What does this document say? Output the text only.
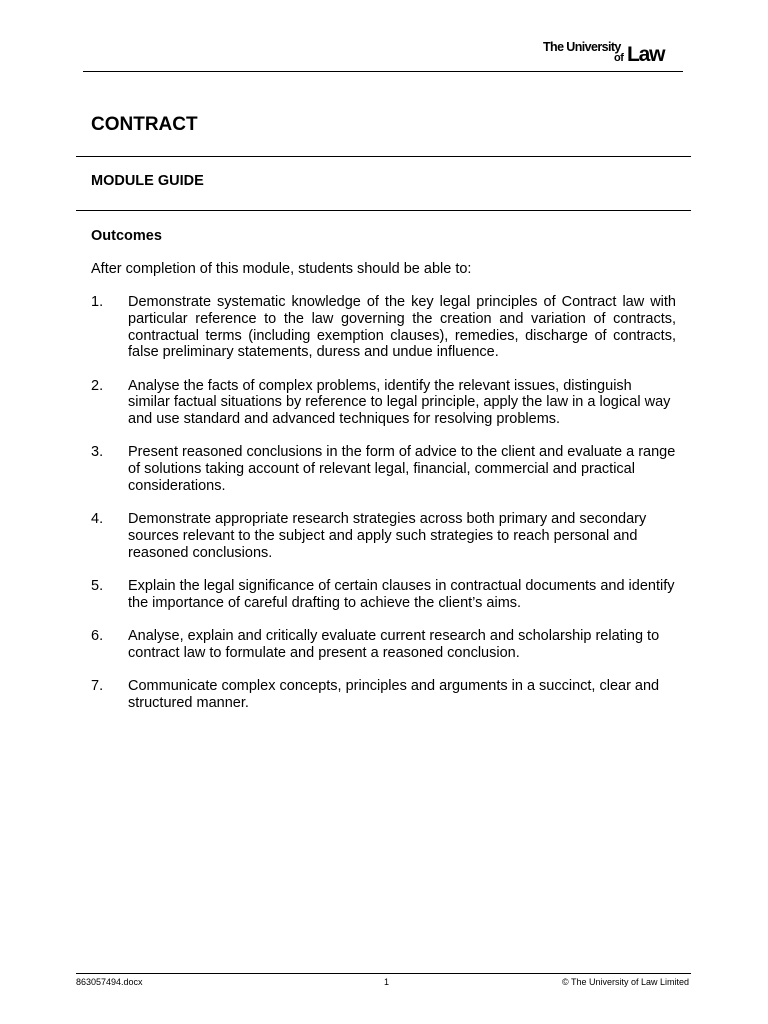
The University
of Law
CONTRACT
MODULE GUIDE
Outcomes

After completion of this module, students should be able to:

1. Demonstrate systematic knowledge of the key legal principles of Contract law with particular reference to the law governing the creation and variation of contracts, contractual terms (including exemption clauses), remedies, discharge of contracts, false preliminary statements, duress and undue influence.
2. Analyse the facts of complex problems, identify the relevant issues, distinguish similar factual situations by reference to legal principle, apply the law in a logical way and use standard and advanced techniques for resolving problems.
3. Present reasoned conclusions in the form of advice to the client and evaluate a range of solutions taking account of relevant legal, financial, commercial and practical considerations.
4. Demonstrate appropriate research strategies across both primary and secondary sources relevant to the subject and apply such strategies to reach personal and reasoned conclusions.
5. Explain the legal significance of certain clauses in contractual documents and identify the importance of careful drafting to achieve the client’s aims.
6. Analyse, explain and critically evaluate current research and scholarship relating to contract law to formulate and present a reasoned conclusion.
7. Communicate complex concepts, principles and arguments in a succinct, clear and structured manner.
863057494.docx	1	© The University of Law Limited
